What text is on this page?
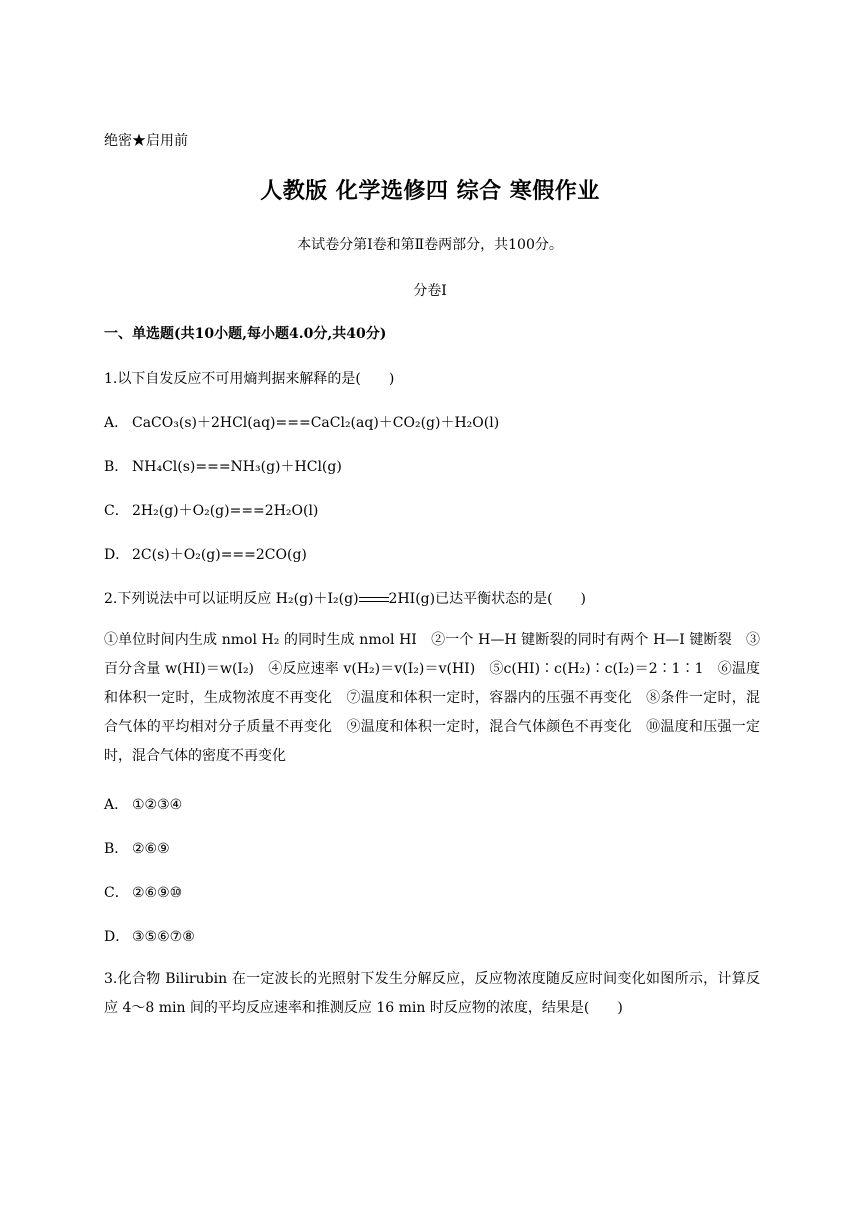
绝密★启用前
人教版 化学选修四 综合 寒假作业
本试卷分第Ⅰ卷和第Ⅱ卷两部分，共100分。
分卷I
一、单选题(共10小题,每小题4.0分,共40分)
1.以下自发反应不可用熵判据来解释的是(　　)
A． CaCO₃(s)＋2HCl(aq)===CaCl₂(aq)＋CO₂(g)＋H₂O(l)
B． NH₄Cl(s)===NH₃(g)＋HCl(g)
C． 2H₂(g)＋O₂(g)===2H₂O(l)
D． 2C(s)＋O₂(g)===2CO(g)
2.下列说法中可以证明反应 H₂(g)＋I₂(g) 2HI(g)已达平衡状态的是(　　)
①单位时间内生成 nmol H₂ 的同时生成 nmol HI　②一个 H—H 键断裂的同时有两个 H—I 键断裂　③百分含量 w(HI)＝w(I₂)　④反应速率 v(H₂)＝v(I₂)＝v(HI)　⑤c(HI)∶c(H₂)∶c(I₂)＝2∶1∶1　⑥温度和体积一定时，生成物浓度不再变化　⑦温度和体积一定时，容器内的压强不再变化　⑧条件一定时，混合气体的平均相对分子质量不再变化　⑨温度和体积一定时，混合气体颜色不再变化　⑩温度和压强一定时，混合气体的密度不再变化
A． ①②③④
B． ②⑥⑨
C． ②⑥⑨⑩
D． ③⑤⑥⑦⑧
3.化合物 Bilirubin 在一定波长的光照射下发生分解反应，反应物浓度随反应时间变化如图所示，计算反应 4～8 min 间的平均反应速率和推测反应 16 min 时反应物的浓度，结果是(　　)
